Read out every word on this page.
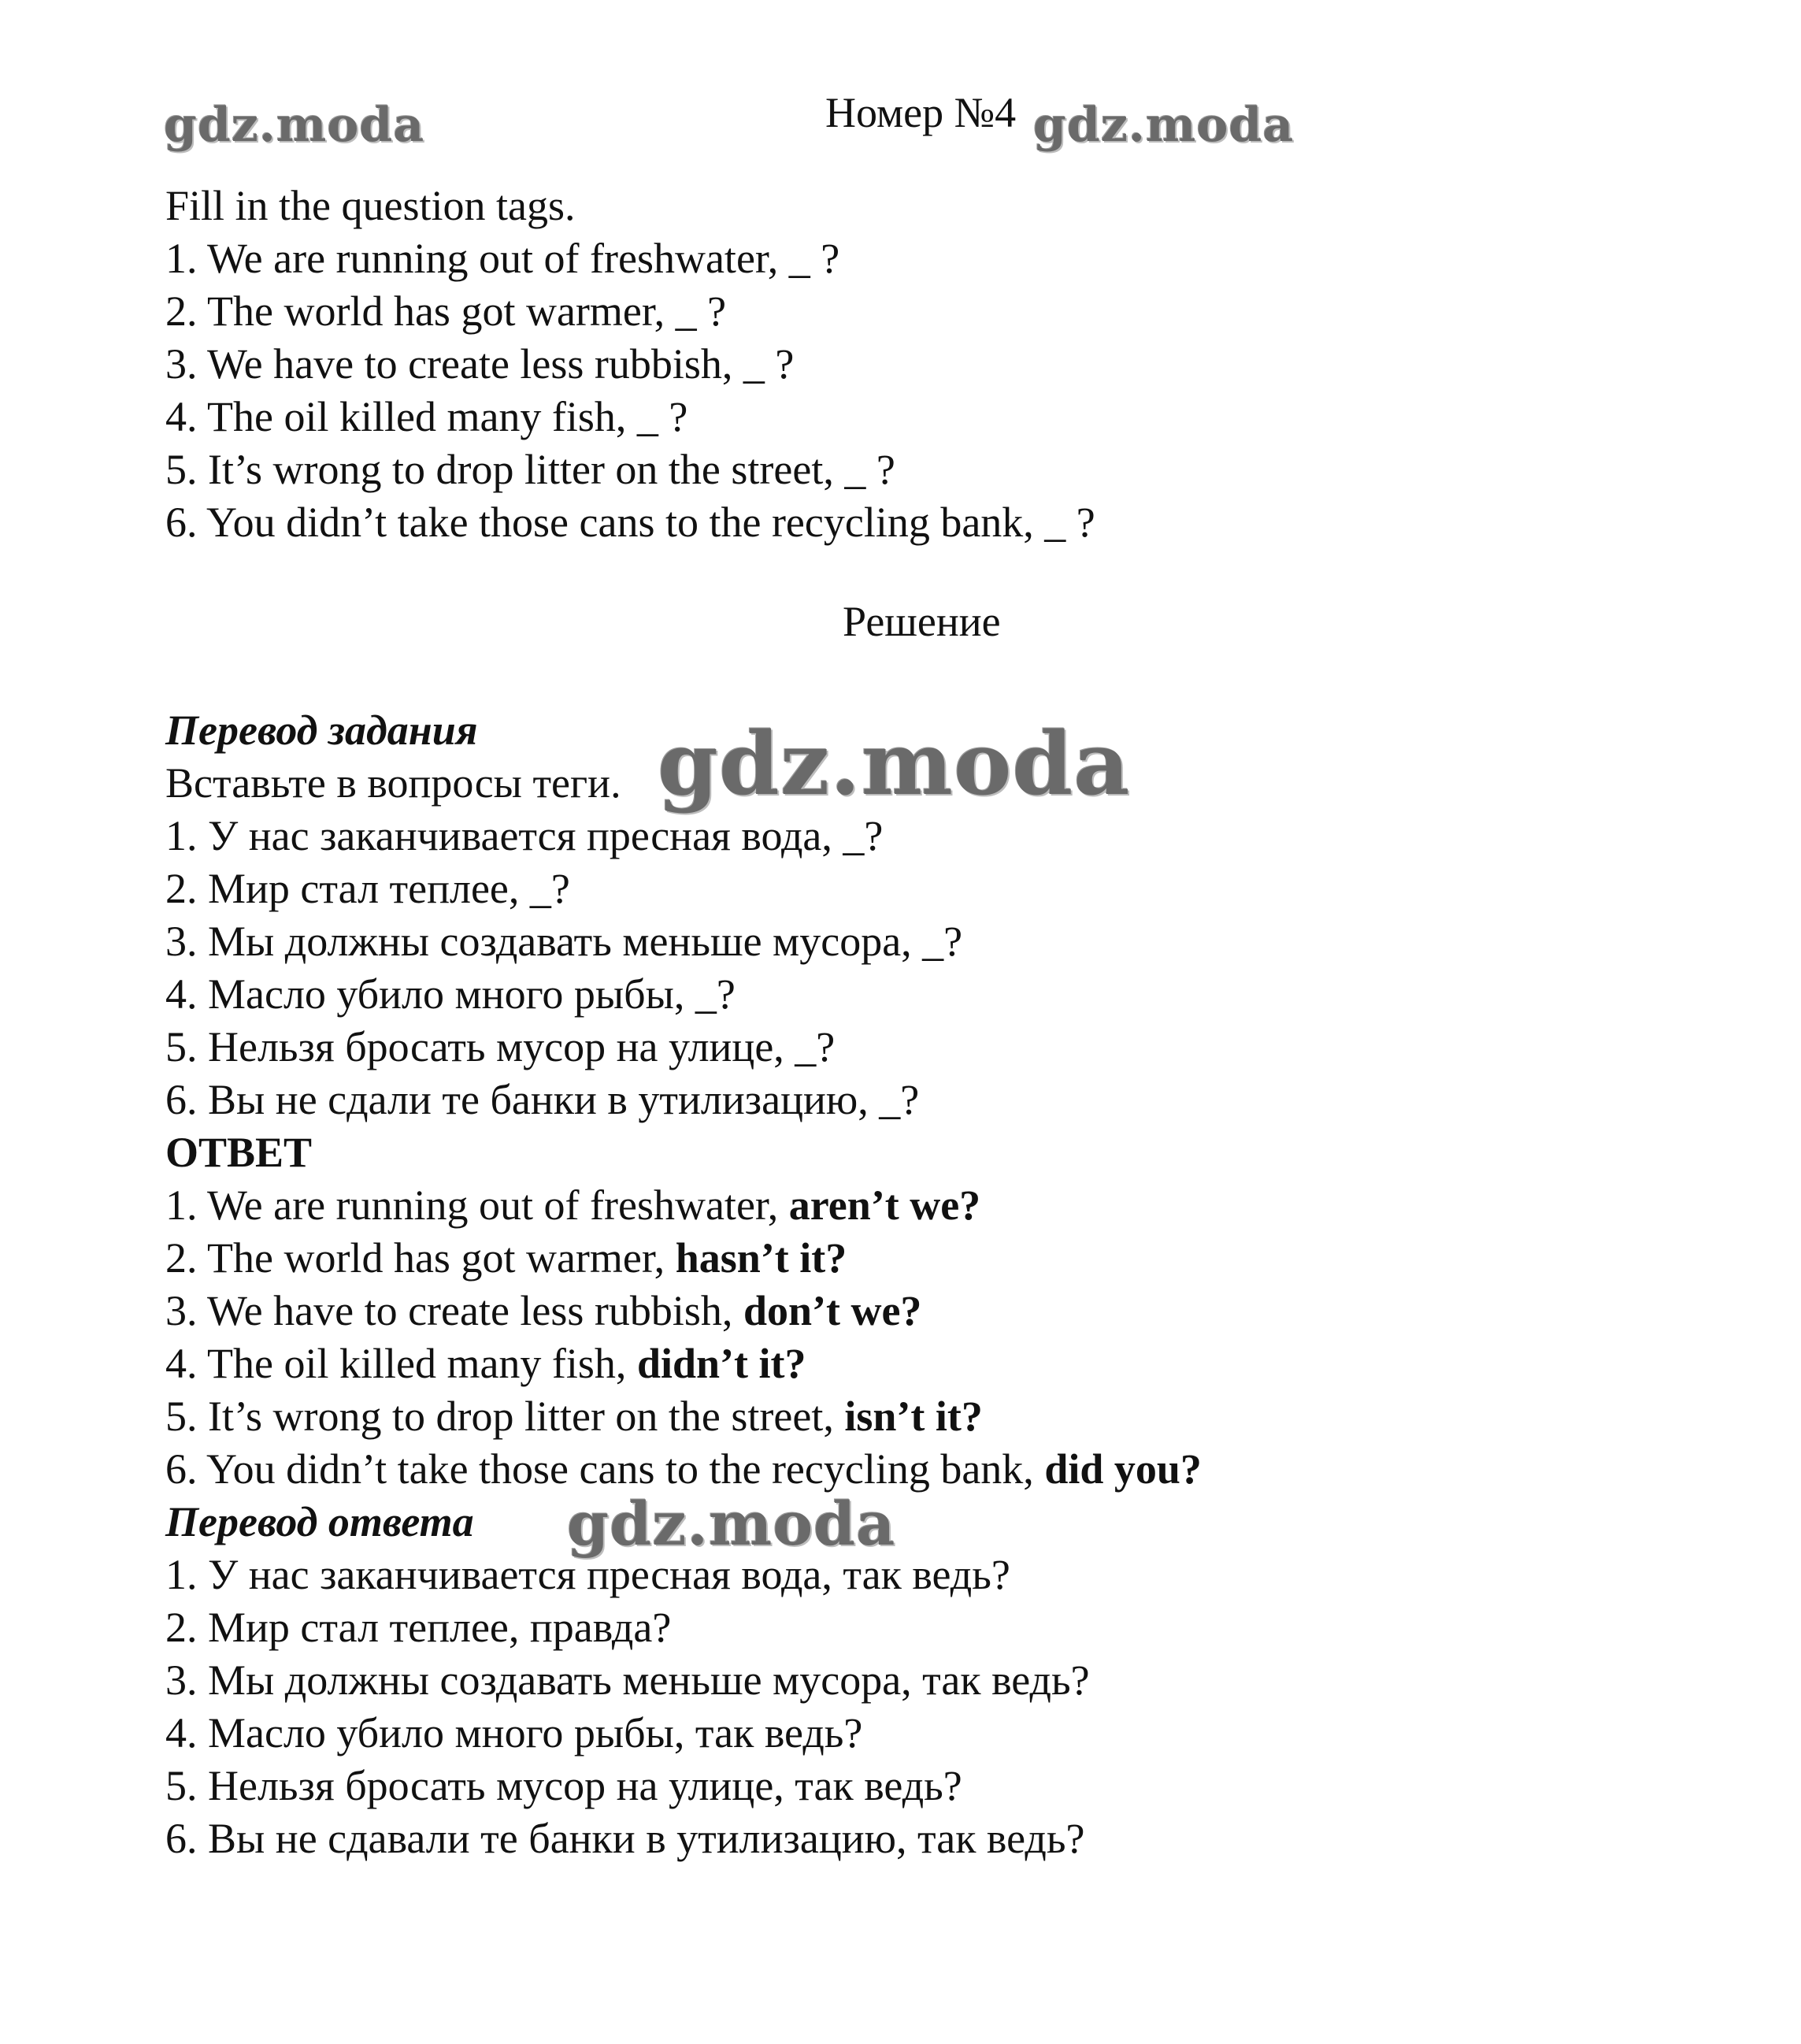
gdz.moda	Номер №4 gdz.moda
Fill in the question tags.
1. We are running out of freshwater, _ ?
2. The world has got warmer, _ ?
3. We have to create less rubbish, _ ?
4. The oil killed many fish, _ ?
5. It’s wrong to drop litter on the street, _ ?
6. You didn’t take those cans to the recycling bank, _ ?
Решение
Перевод задания
Вставьте в вопросы теги. gdz.moda
1. У нас заканчивается пресная вода, _?
2. Мир стал теплее, _?
3. Мы должны создавать меньше мусора, _?
4. Масло убило много рыбы, _?
5. Нельзя бросать мусор на улице, _?
6. Вы не сдали те банки в утилизацию, _?
ОТВЕТ
1. We are running out of freshwater, aren’t we?
2. The world has got warmer, hasn’t it?
3. We have to create less rubbish, don’t we?
4. The oil killed many fish, didn’t it?
5. It’s wrong to drop litter on the street, isn’t it?
6. You didn’t take those cans to the recycling bank, did you?
Перевод ответа gdz.moda
1. У нас заканчивается пресная вода, так ведь?
2. Мир стал теплее, правда?
3. Мы должны создавать меньше мусора, так ведь?
4. Масло убило много рыбы, так ведь?
5. Нельзя бросать мусор на улице, так ведь?
6. Вы не сдавали те банки в утилизацию, так ведь?
